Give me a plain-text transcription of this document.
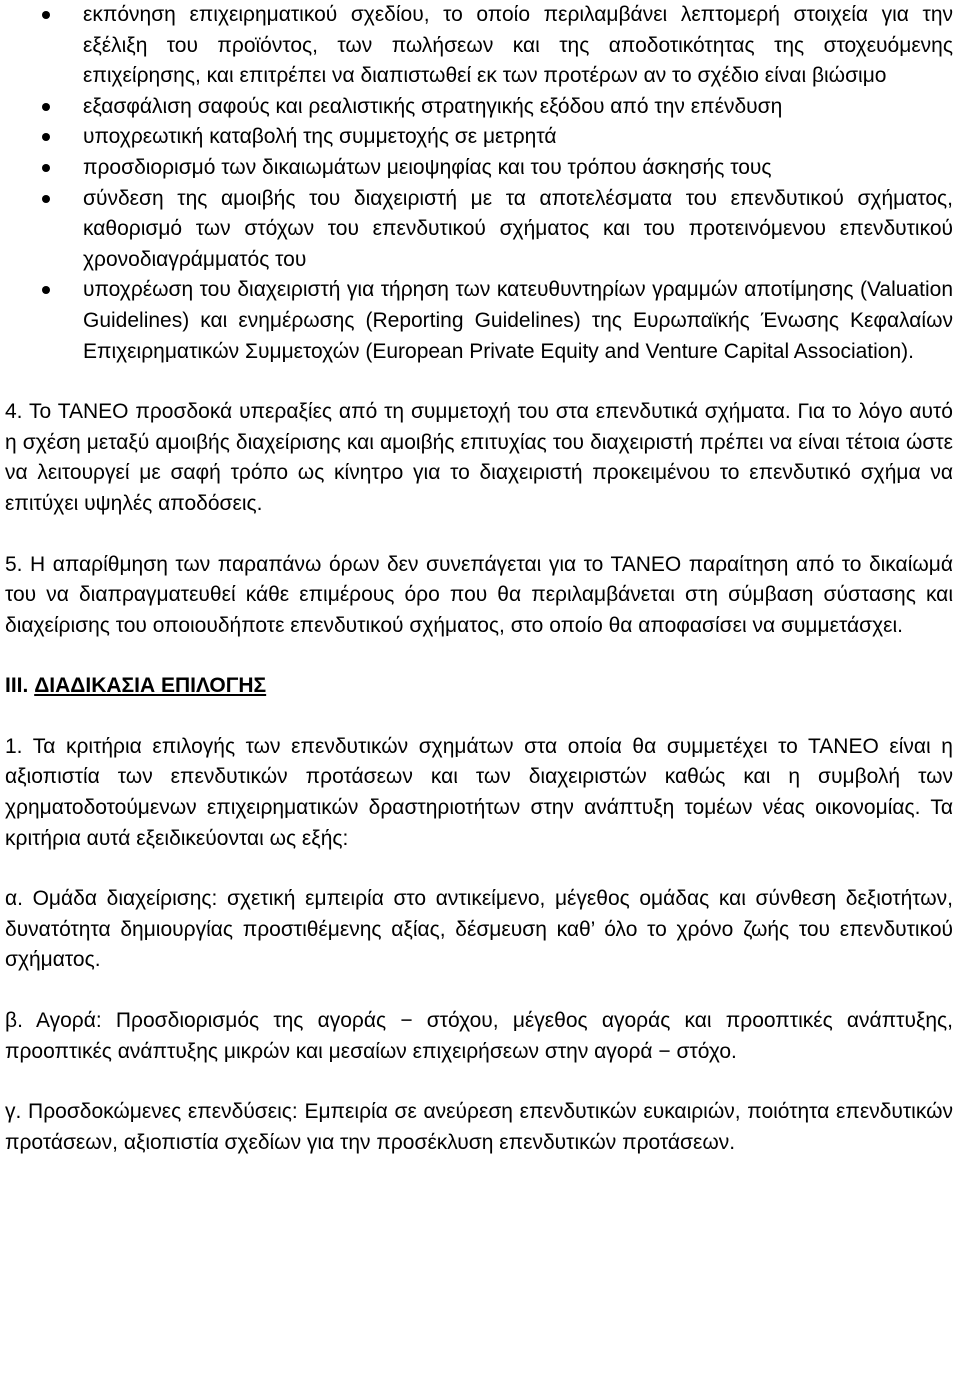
εκπόνηση επιχειρηματικού σχεδίου, το οποίο περιλαμβάνει λεπτομερή στοιχεία για την εξέλιξη του προϊόντος, των πωλήσεων και της αποδοτικότητας της στοχευόμενης επιχείρησης, και επιτρέπει να διαπιστωθεί εκ των προτέρων αν το σχέδιο είναι βιώσιμο
εξασφάλιση σαφούς και ρεαλιστικής στρατηγικής εξόδου από την επένδυση
υποχρεωτική καταβολή της συμμετοχής σε μετρητά
προσδιορισμό των δικαιωμάτων μειοψηφίας και του τρόπου άσκησής τους
σύνδεση της αμοιβής του διαχειριστή με τα αποτελέσματα του επενδυτικού σχήματος, καθορισμό των στόχων του επενδυτικού σχήματος και του προτεινόμενου επενδυτικού χρονοδιαγράμματός του
υποχρέωση του διαχειριστή για τήρηση των κατευθυντηρίων γραμμών αποτίμησης (Valuation Guidelines) και ενημέρωσης (Reporting Guidelines) της Ευρωπαϊκής Ένωσης Κεφαλαίων Επιχειρηματικών Συμμετοχών (European Private Equity and Venture Capital Association).

4. Το ΤΑΝΕΟ προσδοκά υπεραξίες από τη συμμετοχή του στα επενδυτικά σχήματα. Για το λόγο αυτό η σχέση μεταξύ αμοιβής διαχείρισης και αμοιβής επιτυχίας του διαχειριστή πρέπει να είναι τέτοια ώστε να λειτουργεί με σαφή τρόπο ως κίνητρο για το διαχειριστή προκειμένου το επενδυτικό σχήμα να επιτύχει υψηλές αποδόσεις.

5. Η απαρίθμηση των παραπάνω όρων δεν συνεπάγεται για το ΤΑΝΕΟ παραίτηση από το δικαίωμά του να διαπραγματευθεί κάθε επιμέρους όρο που θα περιλαμβάνεται στη σύμβαση σύστασης και διαχείρισης του οποιουδήποτε επενδυτικού σχήματος, στο οποίο θα αποφασίσει να συμμετάσχει.

III. ΔΙΑΔΙΚΑΣΙΑ ΕΠΙΛΟΓΗΣ

1. Τα κριτήρια επιλογής των επενδυτικών σχημάτων στα οποία θα συμμετέχει το ΤΑΝΕΟ είναι η αξιοπιστία των επενδυτικών προτάσεων και των διαχειριστών καθώς και η συμβολή των χρηματοδοτούμενων επιχειρηματικών δραστηριοτήτων στην ανάπτυξη τομέων νέας οικονομίας. Τα κριτήρια αυτά εξειδικεύονται ως εξής:

α. Ομάδα διαχείρισης: σχετική εμπειρία στο αντικείμενο, μέγεθος ομάδας και σύνθεση δεξιοτήτων, δυνατότητα δημιουργίας προστιθέμενης αξίας, δέσμευση καθ’ όλο το χρόνο ζωής του επενδυτικού σχήματος.

β. Αγορά: Προσδιορισμός της αγοράς − στόχου, μέγεθος αγοράς και προοπτικές ανάπτυξης, προοπτικές ανάπτυξης μικρών και μεσαίων επιχειρήσεων στην αγορά − στόχο.

γ. Προσδοκώμενες επενδύσεις: Εμπειρία σε ανεύρεση επενδυτικών ευκαιριών, ποιότητα επενδυτικών προτάσεων, αξιοπιστία σχεδίων για την προσέκλυση επενδυτικών προτάσεων.
